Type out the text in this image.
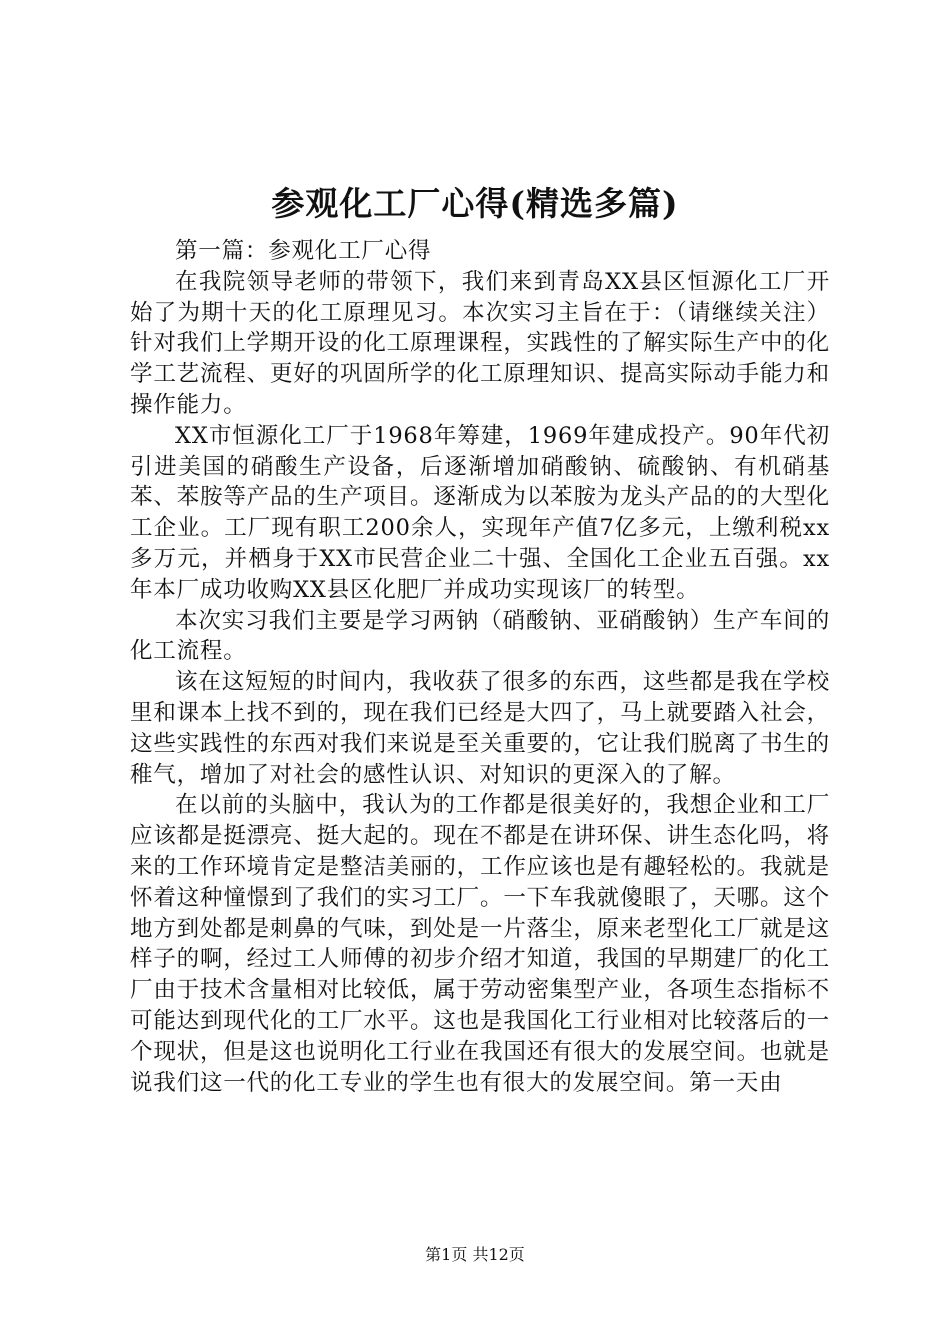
参观化工厂心得(精选多篇)

第一篇：参观化工厂心得

在我院领导老师的带领下，我们来到青岛XX县区恒源化工厂开始了为期十天的化工原理见习。本次实习主旨在于：（请继续关注）针对我们上学期开设的化工原理课程，实践性的了解实际生产中的化学工艺流程、更好的巩固所学的化工原理知识、提高实际动手能力和操作能力。

XX市恒源化工厂于1968年筹建，1969年建成投产。90年代初引进美国的硝酸生产设备，后逐渐增加硝酸钠、硫酸钠、有机硝基苯、苯胺等产品的生产项目。逐渐成为以苯胺为龙头产品的的大型化工企业。工厂现有职工200余人，实现年产值7亿多元，上缴利税xx多万元，并栖身于XX市民营企业二十强、全国化工企业五百强。xx年本厂成功收购XX县区化肥厂并成功实现该厂的转型。

本次实习我们主要是学习两钠（硝酸钠、亚硝酸钠）生产车间的化工流程。

该在这短短的时间内，我收获了很多的东西，这些都是我在学校里和课本上找不到的，现在我们已经是大四了，马上就要踏入社会，这些实践性的东西对我们来说是至关重要的，它让我们脱离了书生的稚气，增加了对社会的感性认识、对知识的更深入的了解。

在以前的头脑中，我认为的工作都是很美好的，我想企业和工厂应该都是挺漂亮、挺大起的。现在不都是在讲环保、讲生态化吗，将来的工作环境肯定是整洁美丽的，工作应该也是有趣轻松的。我就是怀着这种憧憬到了我们的实习工厂。一下车我就傻眼了，天哪。这个地方到处都是刺鼻的气味，到处是一片落尘，原来老型化工厂就是这样子的啊，经过工人师傅的初步介绍才知道，我国的早期建厂的化工厂由于技术含量相对比较低，属于劳动密集型产业，各项生态指标不可能达到现代化的工厂水平。这也是我国化工行业相对比较落后的一个现状，但是这也说明化工行业在我国还有很大的发展空间。也就是说我们这一代的化工专业的学生也有很大的发展空间。第一天由

第1页 共12页
